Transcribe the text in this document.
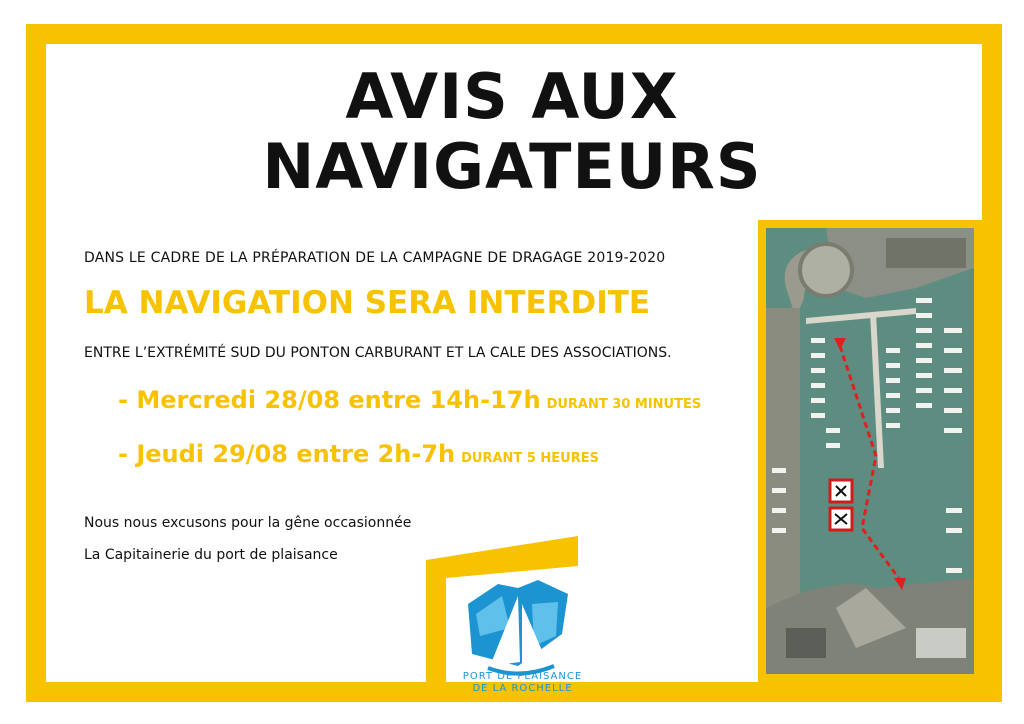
AVIS AUX
NAVIGATEURS
DANS LE CADRE DE LA PRÉPARATION DE LA CAMPAGNE DE DRAGAGE 2019-2020
LA NAVIGATION SERA INTERDITE
ENTRE L’EXTRÉMITÉ SUD DU PONTON CARBURANT ET LA CALE DES ASSOCIATIONS.
- Mercredi 28/08 entre 14h-17h DURANT 30 MINUTES
- Jeudi 29/08 entre 2h-7h DURANT 5 HEURES
Nous nous excusons pour la gêne occasionnée
La Capitainerie du port de plaisance
PORT DE PLAISANCE
DE LA ROCHELLE
